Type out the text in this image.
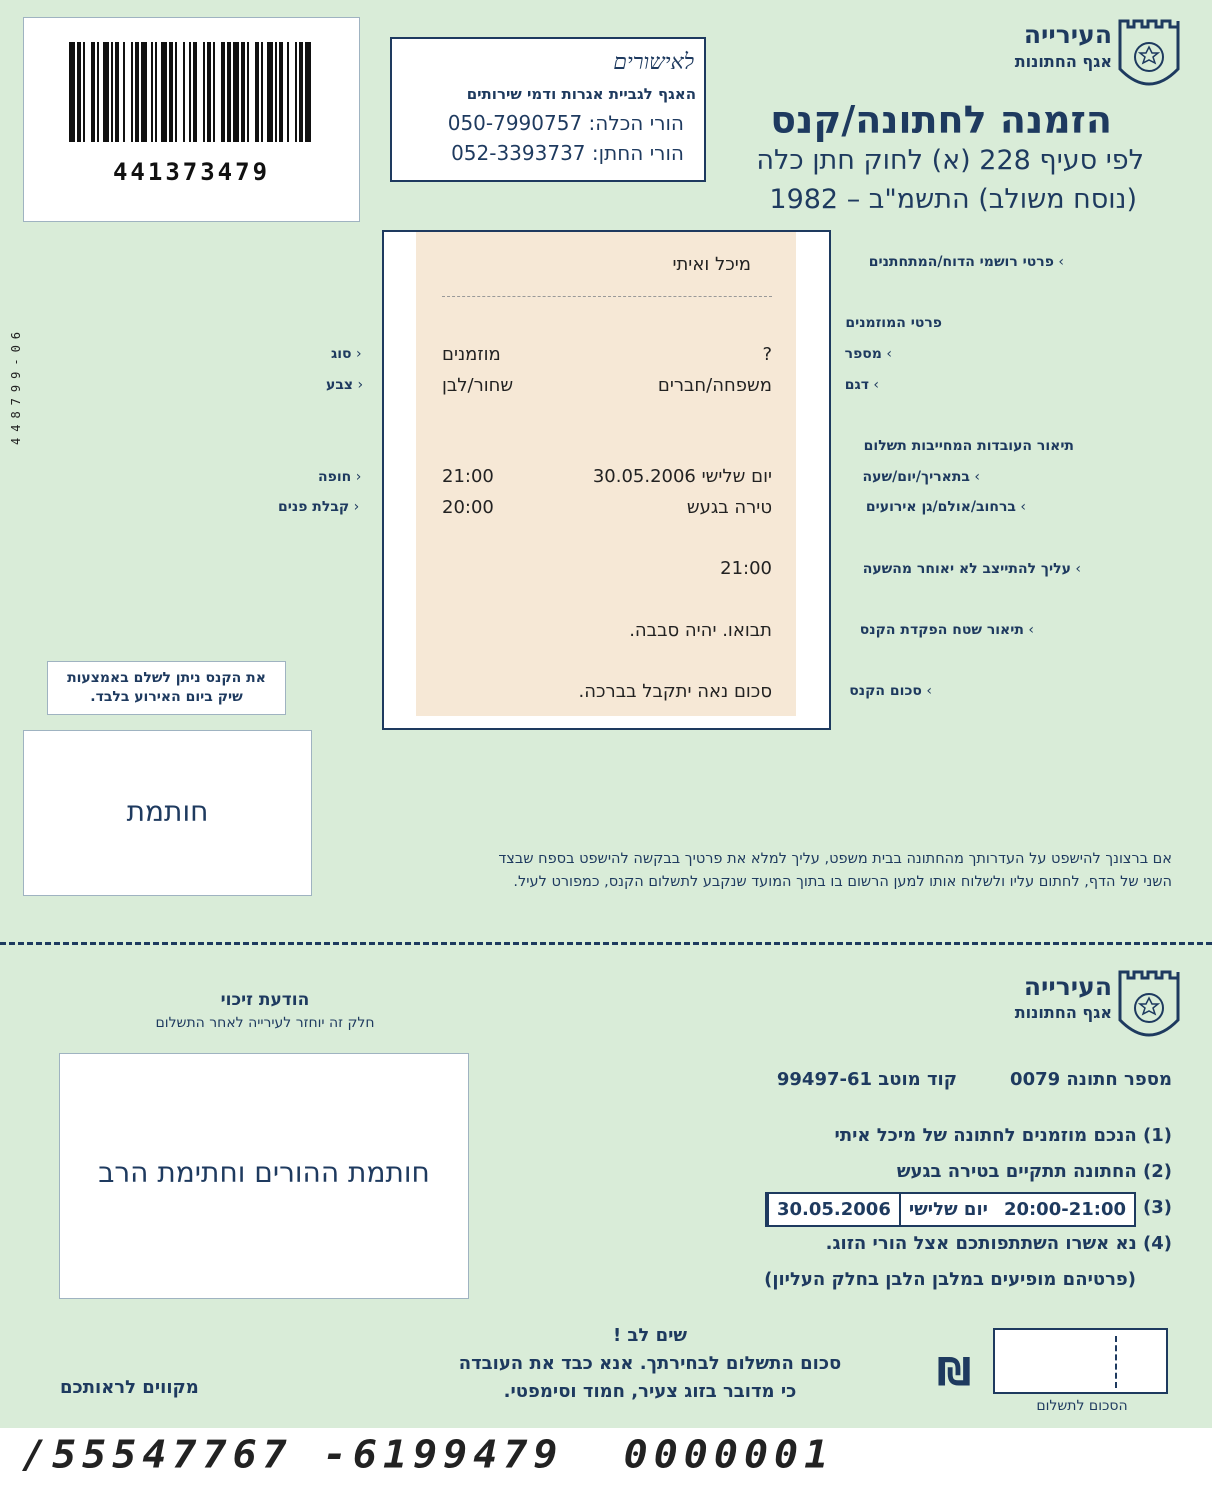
441373479
448799-06
לאישורים
האגף לגביית אגרות ודמי שירותים
הורי הכלה: 050-7990757
הורי החתן: 052-3393737
העירייה
אגף החתונות
הזמנה לחתונה/קנס
לפי סעיף 228 (א) לחוק חתן כלה
(נוסח משולב) התשמ"ב – 1982
מיכל ואיתי
?
מוזמנים
משפחה/חברים
שחור/לבן
יום שלישי 30.05.2006
21:00
טירה בגעש
20:00
21:00
תבואו. יהיה סבבה.
סכום נאה יתקבל בברכה.
› פרטי רושמי הדוח/המתחתנים
פרטי המוזמנים
› מספר
› דגם
תיאור העובדות המחייבות תשלום
› בתאריך/יום/שעה
› ברחוב/אולם/גן אירועים
› עליך להתייצב לא יאוחר מהשעה
› תיאור שטח הפקדת הקנס
› סכום הקנס
סוג ›
צבע ›
חופה ›
קבלת פנים ›
את הקנס ניתן לשלם באמצעות
שיק ביום האירוע בלבד.
חותמת
אם ברצונך להישפט על העדרותך מהחתונה בבית משפט, עליך למלא את פרטיך בבקשה להישפט בספח שבצד
השני של הדף, לחתום עליו ולשלוח אותו למען הרשום בו בתוך המועד שנקבע לתשלום הקנס, כמפורט לעיל.
העירייה
אגף החתונות
הודעת זיכוי
חלק זה יוחזר לעירייה לאחר התשלום
חותמת ההורים וחתימת הרב
מספר חתונה 0079
קוד מוטב 99497-61
(1) הנכם מוזמנים לחתונה של מיכל איתי
(2) החתונה תתקיים בטירה בגעש
(3)
30.05.2006	יום שלישי 20:00-21:00
(4) נא אשרו השתתפותכם אצל הורי הזוג.
(פרטיהם מופיעים במלבן הלבן בחלק העליון)
שים לב !
סכום התשלום לבחירתך. אנא כבד את העובדה
כי מדובר בזוג צעיר, חמוד וסימפטי.
מקווים לראותכם	₪
הסכום לתשלום
/55547767 -6199479  0000001
